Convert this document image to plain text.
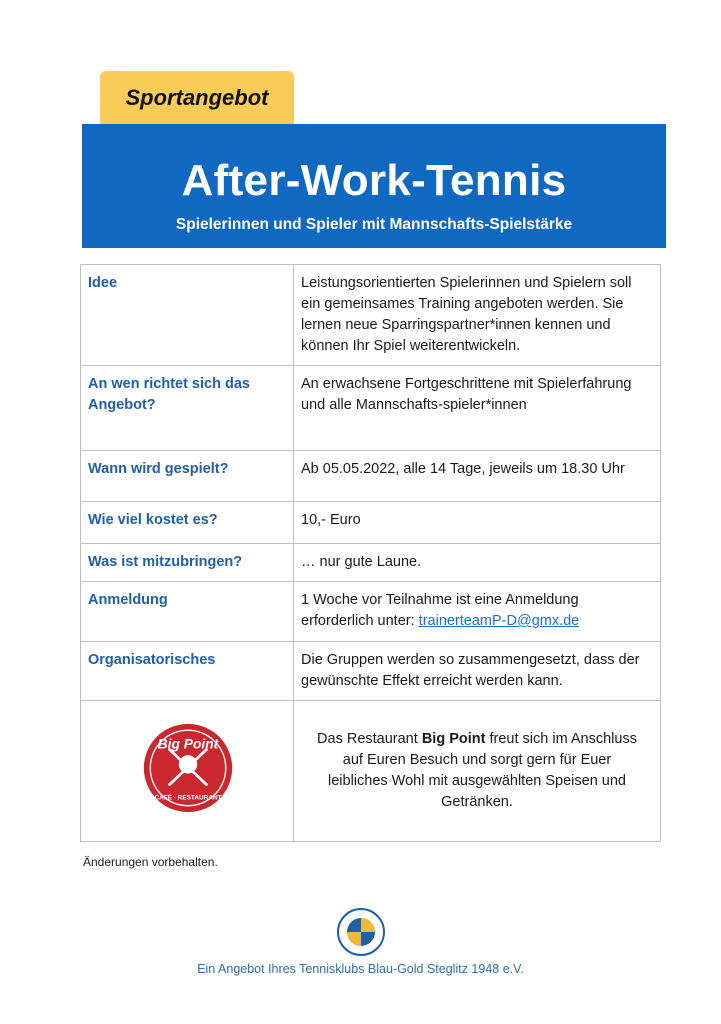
Sportangebot
After-Work-Tennis
Spielerinnen und Spieler mit Mannschafts-Spielstärke
Idee	Leistungsorientierten Spielerinnen und Spielern soll ein gemeinsames Training angeboten werden. Sie lernen neue Sparringspartner*innen kennen und können Ihr Spiel weiterentwickeln.
An wen richtet sich das Angebot?	An erwachsene Fortgeschrittene mit Spielerfahrung und alle Mannschafts-spieler*innen
Wann wird gespielt?	Ab 05.05.2022, alle 14 Tage, jeweils um 18.30 Uhr
Wie viel kostet es?	10,- Euro
Was ist mitzubringen?	… nur gute Laune.
Anmeldung	1 Woche vor Teilnahme ist eine Anmeldung erforderlich unter: trainerteamP-D@gmx.de
Organisatorisches	Die Gruppen werden so zusammengesetzt, dass der gewünschte Effekt erreicht werden kann.

Big Point
CAFÉ · RESTAURANT	Das Restaurant Big Point freut sich im Anschluss auf Euren Besuch und sorgt gern für Euer leibliches Wohl mit ausgewählten Speisen und Getränken.
Änderungen vorbehalten.
Ein Angebot Ihres Tennisklubs Blau-Gold Steglitz 1948 e.V.
